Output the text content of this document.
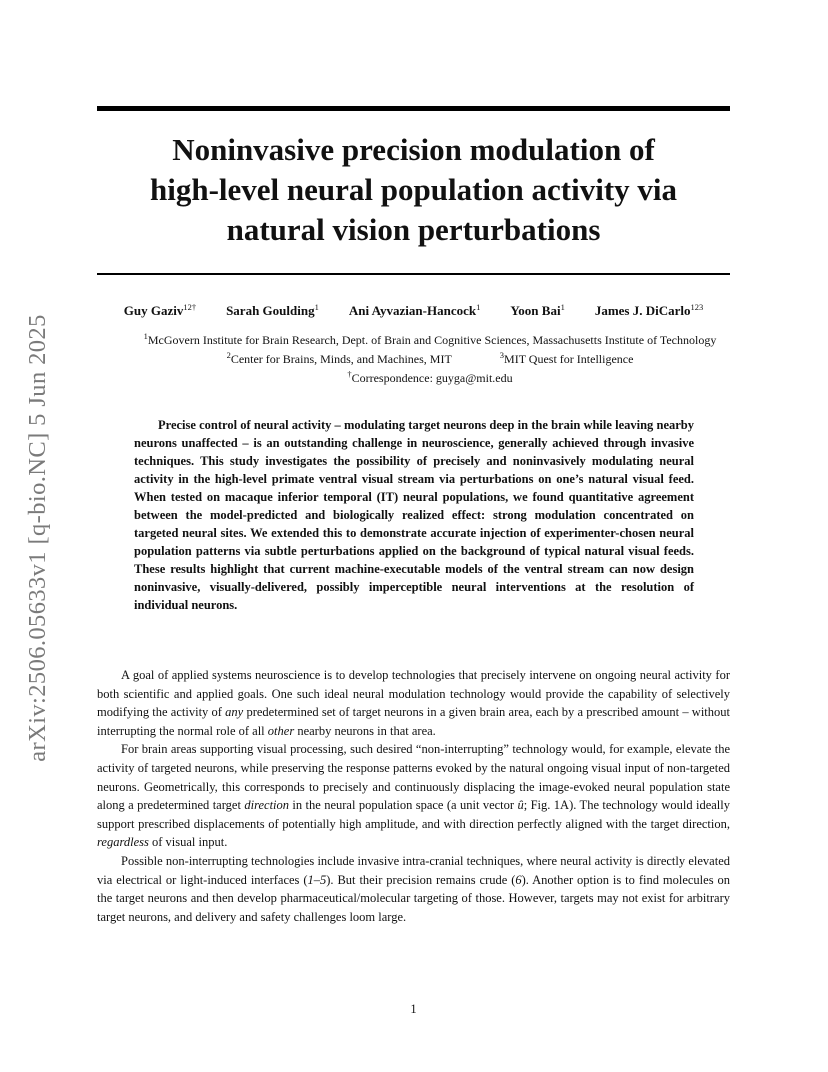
arXiv:2506.05633v1 [q-bio.NC] 5 Jun 2025
Noninvasive precision modulation of
high-level neural population activity via
natural vision perturbations
Guy Gaziv$^{12\dagger}$ Sarah Goulding$^1$ Ani Ayvazian-Hancock$^1$ Yoon Bai$^1$ James J. DiCarlo$^{123}$
$^1$McGovern Institute for Brain Research, Dept. of Brain and Cognitive Sciences, Massachusetts Institute of Technology
$^2$Center for Brains, Minds, and Machines, MIT	$^3$MIT Quest for Intelligence
†Correspondence: guyga@mit.edu
Precise control of neural activity – modulating target neurons deep in the brain while leaving nearby neurons unaffected – is an outstanding challenge in neuroscience, generally achieved through invasive techniques. This study investigates the possibility of precisely and noninvasively modulating neural activity in the high-level primate ventral visual stream via perturbations on one’s natural visual feed. When tested on macaque inferior temporal (IT) neural populations, we found quantitative agreement between the model-predicted and biologically realized effect: strong modulation concentrated on targeted neural sites. We extended this to demonstrate accurate injection of experimenter-chosen neural population patterns via subtle perturbations applied on the background of typical natural visual feeds. These results highlight that current machine-executable models of the ventral stream can now design noninvasive, visually-delivered, possibly imperceptible neural interventions at the resolution of individual neurons.

A goal of applied systems neuroscience is to develop technologies that precisely intervene on ongoing neural activity for both scientific and applied goals. One such ideal neural modulation technology would provide the capability of selectively modifying the activity of any predetermined set of target neurons in a given brain area, each by a prescribed amount – without interrupting the normal role of all other nearby neurons in that area.

For brain areas supporting visual processing, such desired “non-interrupting” technology would, for example, elevate the activity of targeted neurons, while preserving the response patterns evoked by the natural ongoing visual input of non-targeted neurons. Geometrically, this corresponds to precisely and continuously displacing the image-evoked neural population state along a predetermined target direction in the neural population space (a unit vector û; Fig. 1A). The technology would ideally support prescribed displacements of potentially high amplitude, and with direction perfectly aligned with the target direction, regardless of visual input.

Possible non-interrupting technologies include invasive intra-cranial techniques, where neural activity is directly elevated via electrical or light-induced interfaces (1–5). But their precision remains crude (6). Another option is to find molecules on the target neurons and then develop pharmaceutical/molecular targeting of those. However, targets may not exist for arbitrary target neurons, and delivery and safety challenges loom large.

1
